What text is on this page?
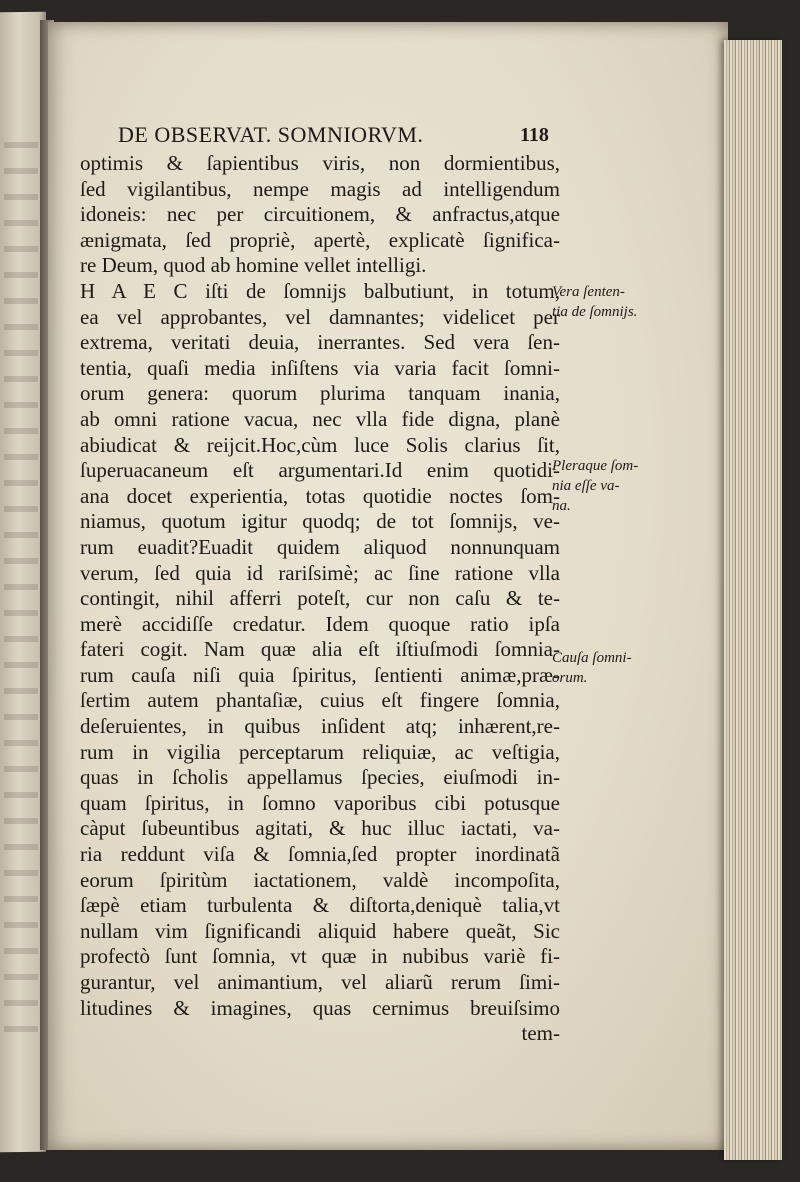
DE OBSERVAT. SOMNIORVM.	118
optimis & ſapientibus viris, non dormientibus,
ſed vigilantibus, nempe magis ad intelligendum
idoneis: nec per circuitionem, & anfractus,atque
ænigmata, ſed propriè, apertè, explicatè ſignifica-
re Deum, quod ab homine vellet intelligi.
H A E C iſti de ſomnijs balbutiunt, in totum,
ea vel approbantes, vel damnantes; videlicet per
extrema, veritati deuia, inerrantes. Sed vera ſen-
tentia, quaſi media inſiſtens via varia facit ſomni-
orum genera: quorum plurima tanquam inania,
ab omni ratione vacua, nec vlla fide digna, planè
abiudicat & reijcit.Hoc,cùm luce Solis clarius ſit,
ſuperuacaneum eſt argumentari.Id enim quotidi-
ana docet experientia, totas quotidie noctes ſom-
niamus, quotum igitur quodq; de tot ſomnijs, ve-
rum euadit?Euadit quidem aliquod nonnunquam
verum, ſed quia id rariſsimè; ac ſine ratione vlla
contingit, nihil afferri poteſt, cur non caſu & te-
merè accidiſſe credatur. Idem quoque ratio ipſa
fateri cogit. Nam quæ alia eſt iſtiuſmodi ſomnia-
rum cauſa niſi quia ſpiritus, ſentienti animæ,præ-
ſertim autem phantaſiæ, cuius eſt fingere ſomnia,
deſeruientes, in quibus inſident atq; inhærent,re-
rum in vigilia perceptarum reliquiæ, ac veſtigia,
quas in ſcholis appellamus ſpecies, eiuſmodi in-
quam ſpiritus, in ſomno vaporibus cibi potusque
càput ſubeuntibus agitati, & huc illuc iactati, va-
ria reddunt viſa & ſomnia,ſed propter inordinatã
eorum ſpiritùm iactationem, valdè incompoſita,
ſæpè etiam turbulenta & diſtorta,deniquè talia,vt
nullam vim ſignificandi aliquid habere queãt, Sic
profectò ſunt ſomnia, vt quæ in nubibus variè fi-
gurantur, vel animantium, vel aliarũ rerum ſimi-
litudines & imagines, quas cernimus breuiſsimo
tem-
Vera ſenten-
tia de ſomnijs.
Pleraque ſom-
nia eſſe va-
na.
Cauſa ſomni-
orum.
